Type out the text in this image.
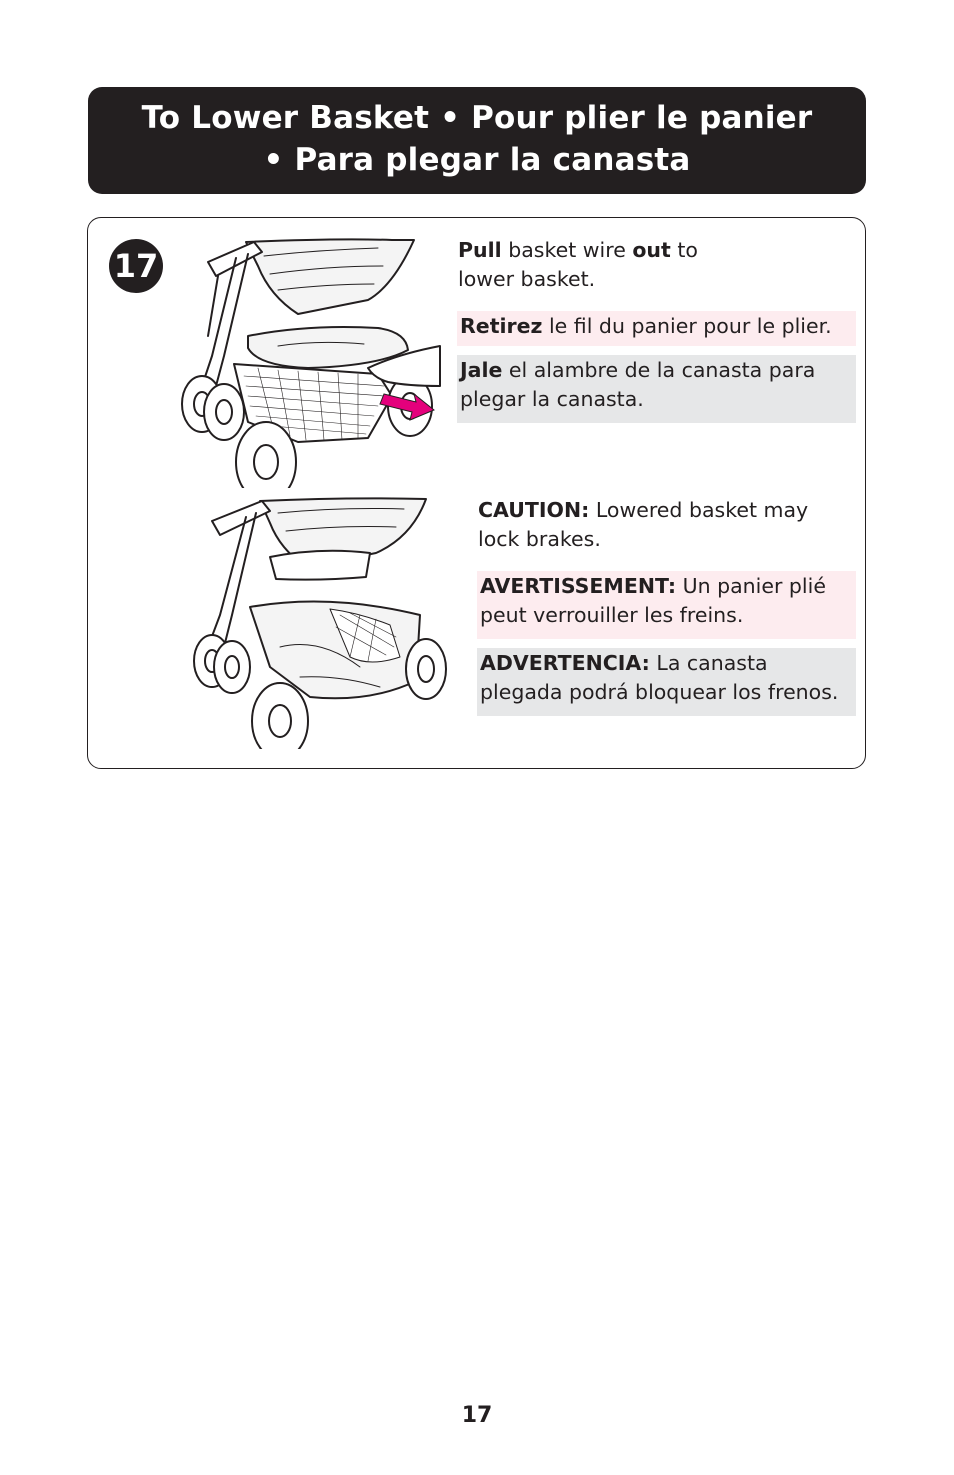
To Lower Basket • Pour plier le panier
• Para plegar la canasta
17	Pull basket wire out to lower basket.
Retirez le fil du panier pour le plier.
Jale el alambre de la canasta para plegar la canasta.
CAUTION: Lowered basket may lock brakes.
AVERTISSEMENT: Un panier plié peut verrouiller les freins.
ADVERTENCIA: La canasta plegada podrá bloquear los frenos.
17
